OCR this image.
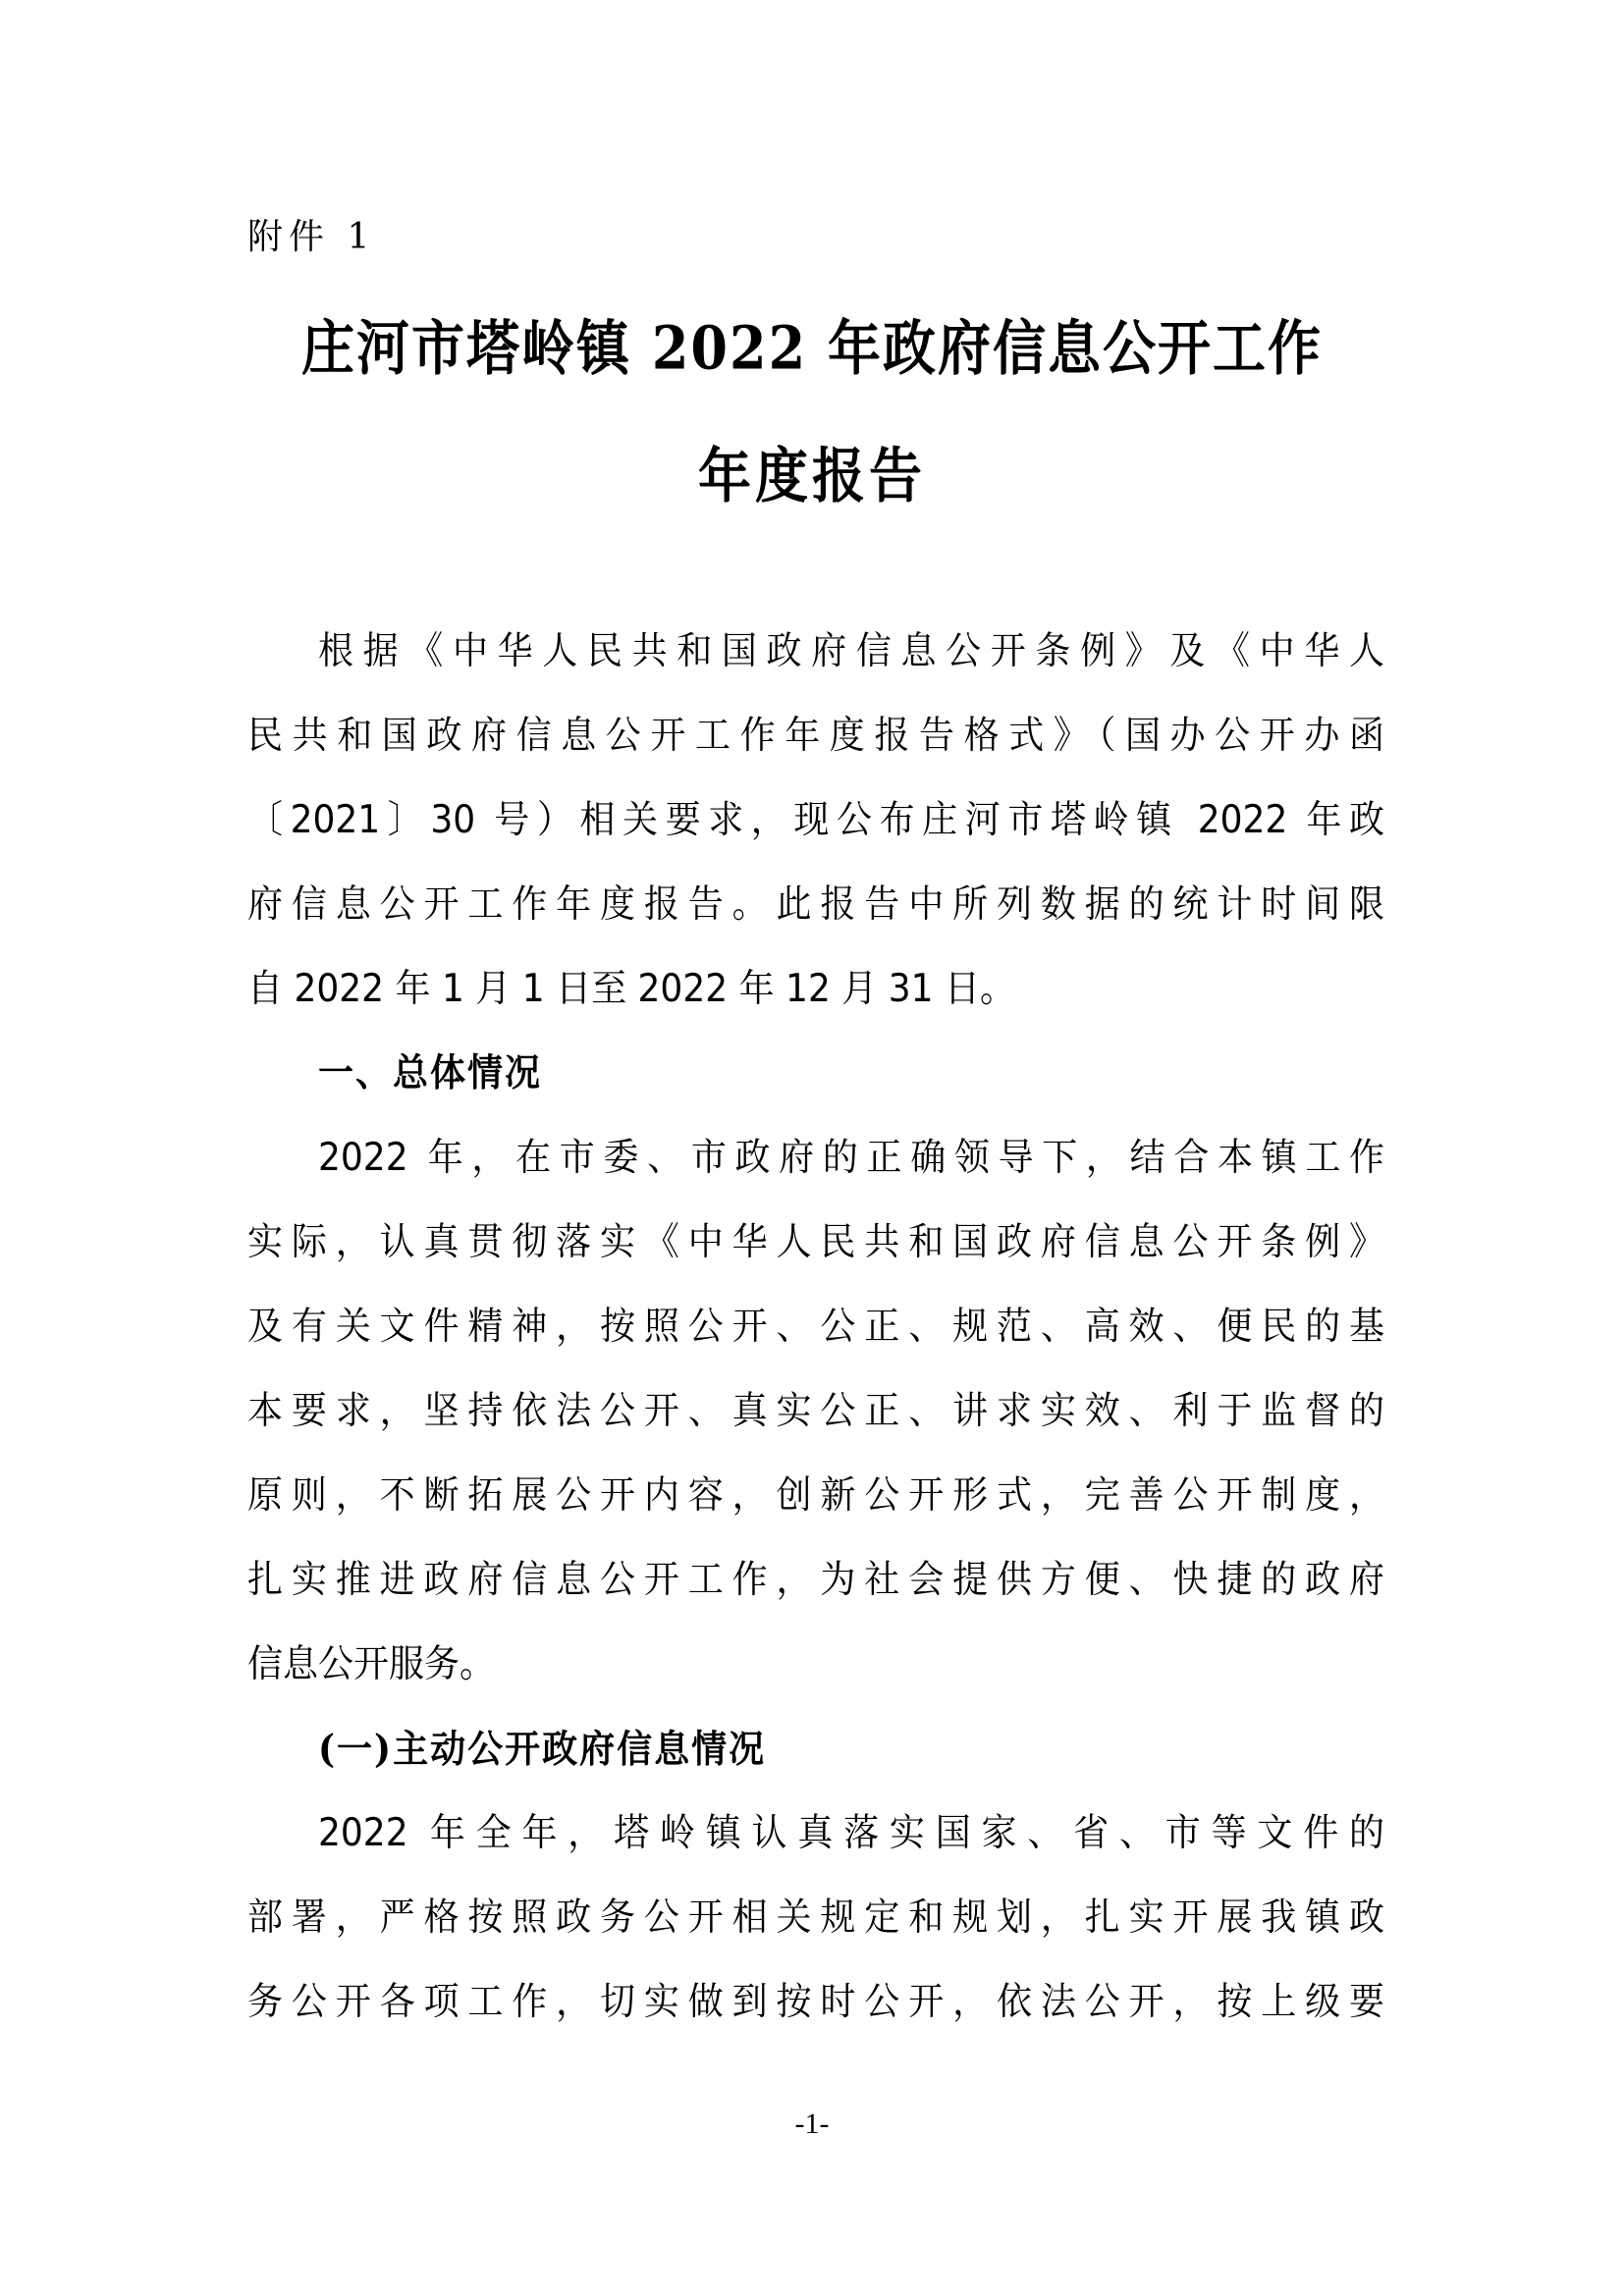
附件 1
庄河市塔岭镇 2022 年政府信息公开工作
年度报告
根据《中华人民共和国政府信息公开条例》及《中华人
民共和国政府信息公开工作年度报告格式》（国办公开办函
〔2021〕30 号）相关要求，现公布庄河市塔岭镇 2022 年政
府信息公开工作年度报告。此报告中所列数据的统计时间限
自 2022 年 1 月 1 日至 2022 年 12 月 31 日。
一、总体情况
2022 年，在市委、市政府的正确领导下，结合本镇工作
实际，认真贯彻落实《中华人民共和国政府信息公开条例》
及有关文件精神，按照公开、公正、规范、高效、便民的基
本要求，坚持依法公开、真实公正、讲求实效、利于监督的
原则，不断拓展公开内容，创新公开形式，完善公开制度，
扎实推进政府信息公开工作，为社会提供方便、快捷的政府
信息公开服务。
(一)主动公开政府信息情况
2022 年全年，塔岭镇认真落实国家、省、市等文件的
部署，严格按照政务公开相关规定和规划，扎实开展我镇政
务公开各项工作，切实做到按时公开，依法公开，按上级要
-1-
